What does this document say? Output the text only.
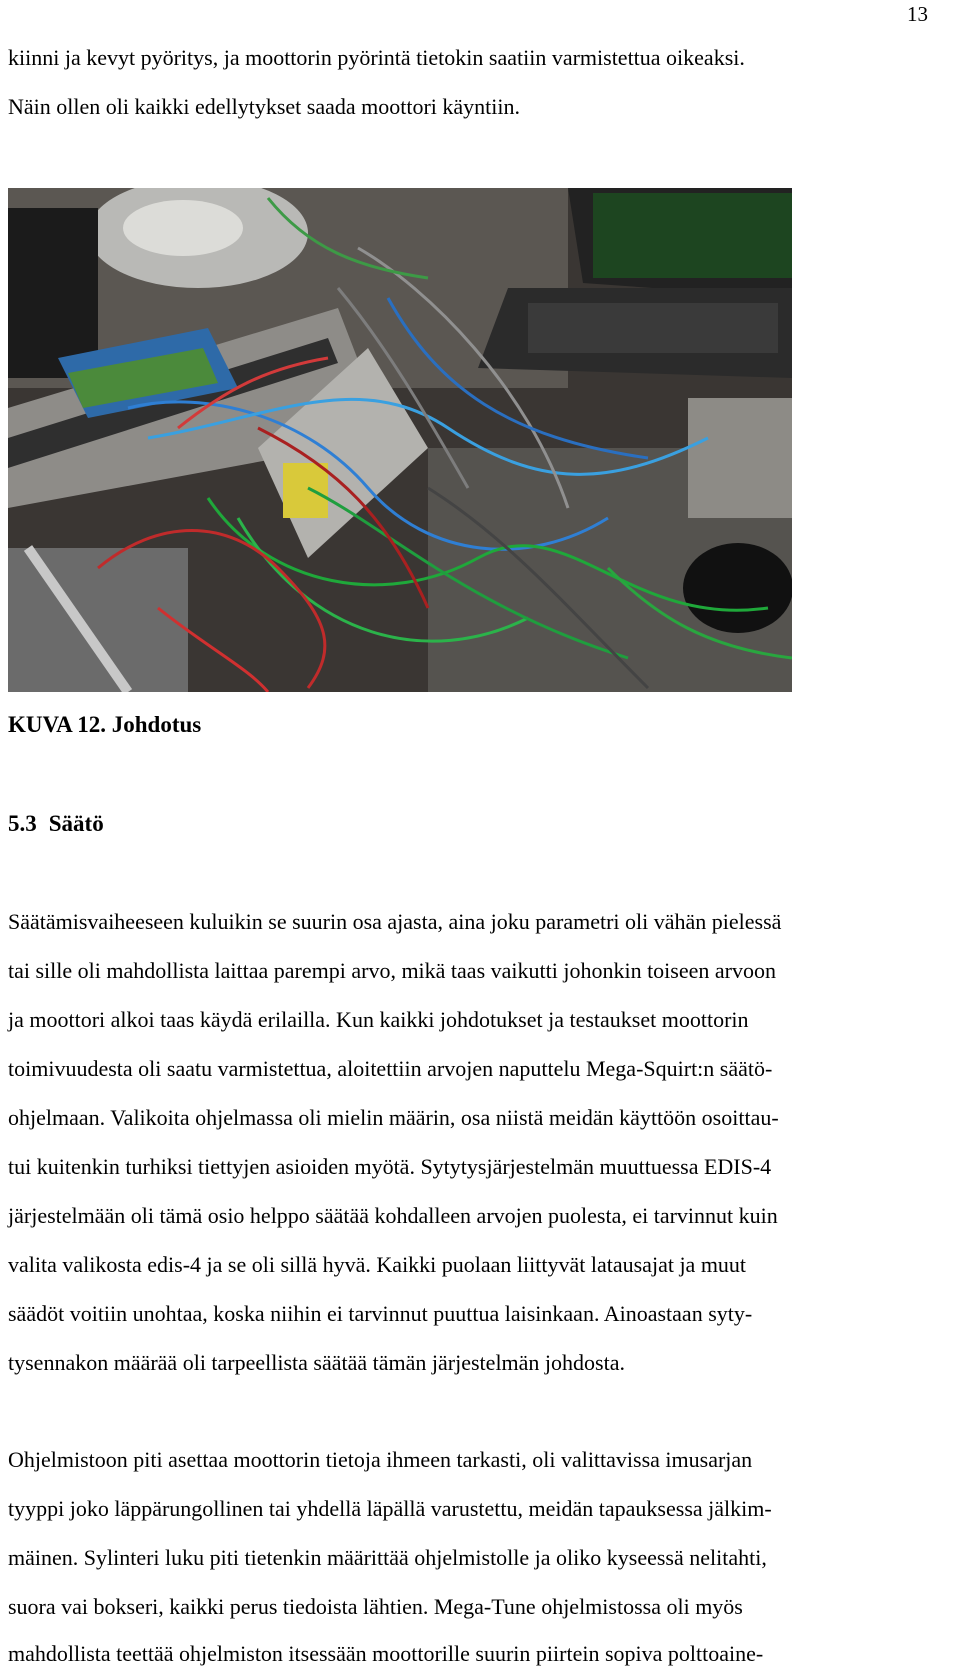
13
kiinni ja kevyt pyöritys, ja moottorin pyörintä tietokin saatiin varmistettua oikeaksi.
Näin ollen oli kaikki edellytykset saada moottori käyntiin.
KUVA 12. Johdotus
5.3 Säätö
Säätämisvaiheeseen kuluikin se suurin osa ajasta, aina joku parametri oli vähän pielessä
tai sille oli mahdollista laittaa parempi arvo, mikä taas vaikutti johonkin toiseen arvoon
ja moottori alkoi taas käydä erilailla. Kun kaikki johdotukset ja testaukset moottorin
toimivuudesta oli saatu varmistettua, aloitettiin arvojen naputtelu Mega-Squirt:n säätö-
ohjelmaan. Valikoita ohjelmassa oli mielin määrin, osa niistä meidän käyttöön osoittau-
tui kuitenkin turhiksi tiettyjen asioiden myötä. Sytytysjärjestelmän muuttuessa EDIS-4
järjestelmään oli tämä osio helppo säätää kohdalleen arvojen puolesta, ei tarvinnut kuin
valita valikosta edis-4 ja se oli sillä hyvä. Kaikki puolaan liittyvät latausajat ja muut
säädöt voitiin unohtaa, koska niihin ei tarvinnut puuttua laisinkaan. Ainoastaan syty-
tysennakon määrää oli tarpeellista säätää tämän järjestelmän johdosta.
Ohjelmistoon piti asettaa moottorin tietoja ihmeen tarkasti, oli valittavissa imusarjan
tyyppi joko läppärungollinen tai yhdellä läpällä varustettu, meidän tapauksessa jälkim-
mäinen. Sylinteri luku piti tietenkin määrittää ohjelmistolle ja oliko kyseessä nelitahti,
suora vai bokseri, kaikki perus tiedoista lähtien. Mega-Tune ohjelmistossa oli myös
mahdollista teettää ohjelmiston itsessään moottorille suurin piirtein sopiva polttoaine-
